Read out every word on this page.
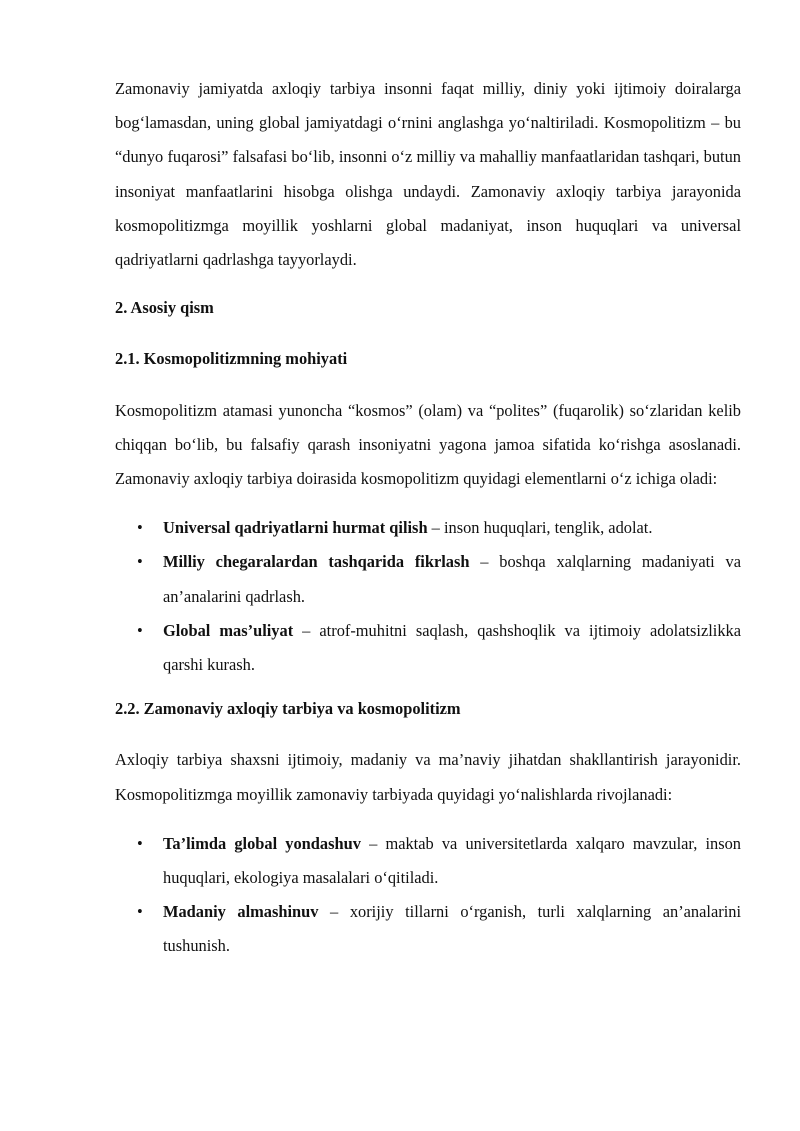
Zamonaviy jamiyatda axloqiy tarbiya insonni faqat milliy, diniy yoki ijtimoiy doiralarga bog‘lamasdan, uning global jamiyatdagi o‘rnini anglashga yo‘naltiriladi. Kosmopolitizm – bu “dunyo fuqarosi” falsafasi bo‘lib, insonni o‘z milliy va mahalliy manfaatlaridan tashqari, butun insoniyat manfaatlarini hisobga olishga undaydi. Zamonaviy axloqiy tarbiya jarayonida kosmopolitizmga moyillik yoshlarni global madaniyat, inson huquqlari va universal qadriyatlarni qadrlashga tayyorlaydi.

2. Asosiy qism
2.1. Kosmopolitizmning mohiyati

Kosmopolitizm atamasi yunoncha “kosmos” (olam) va “polites” (fuqarolik) so‘zlaridan kelib chiqqan bo‘lib, bu falsafiy qarash insoniyatni yagona jamoa sifatida ko‘rishga asoslanadi. Zamonaviy axloqiy tarbiya doirasida kosmopolitizm quyidagi elementlarni o‘z ichiga oladi:

• Universal qadriyatlarni hurmat qilish – inson huquqlari, tenglik, adolat.
• Milliy chegaralardan tashqarida fikrlash – boshqa xalqlarning madaniyati va an’analarini qadrlash.
• Global mas’uliyat – atrof-muhitni saqlash, qashshoqlik va ijtimoiy adolatsizlikka qarshi kurash.
2.2. Zamonaviy axloqiy tarbiya va kosmopolitizm

Axloqiy tarbiya shaxsni ijtimoiy, madaniy va ma’naviy jihatdan shakllantirish jarayonidir. Kosmopolitizmga moyillik zamonaviy tarbiyada quyidagi yo‘nalishlarda rivojlanadi:

• Ta’limda global yondashuv – maktab va universitetlarda xalqaro mavzular, inson huquqlari, ekologiya masalalari o‘qitiladi.
• Madaniy almashinuv – xorijiy tillarni o‘rganish, turli xalqlarning an’analarini tushunish.
